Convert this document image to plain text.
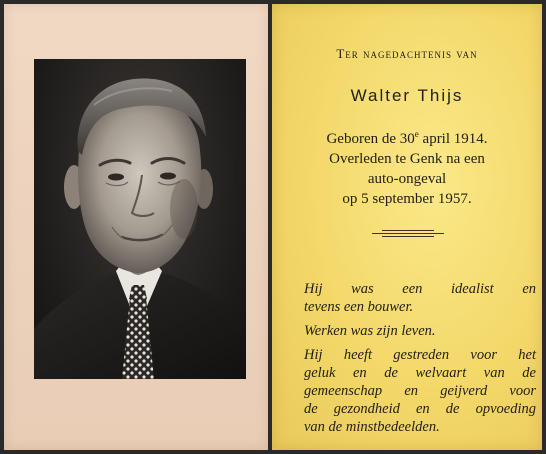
Ter nagedachtenis van
Walter Thijs
Geboren de 30e april 1914.
Overleden te Genk na een
auto-ongeval
op 5 september 1957.
Hij was een idealist en
tevens een bouwer.
Werken was zijn leven.
Hij heeft gestreden voor het
geluk en de welvaart van de
gemeenschap en geijverd voor
de gezondheid en de opvoeding
van de minstbedeelden.
